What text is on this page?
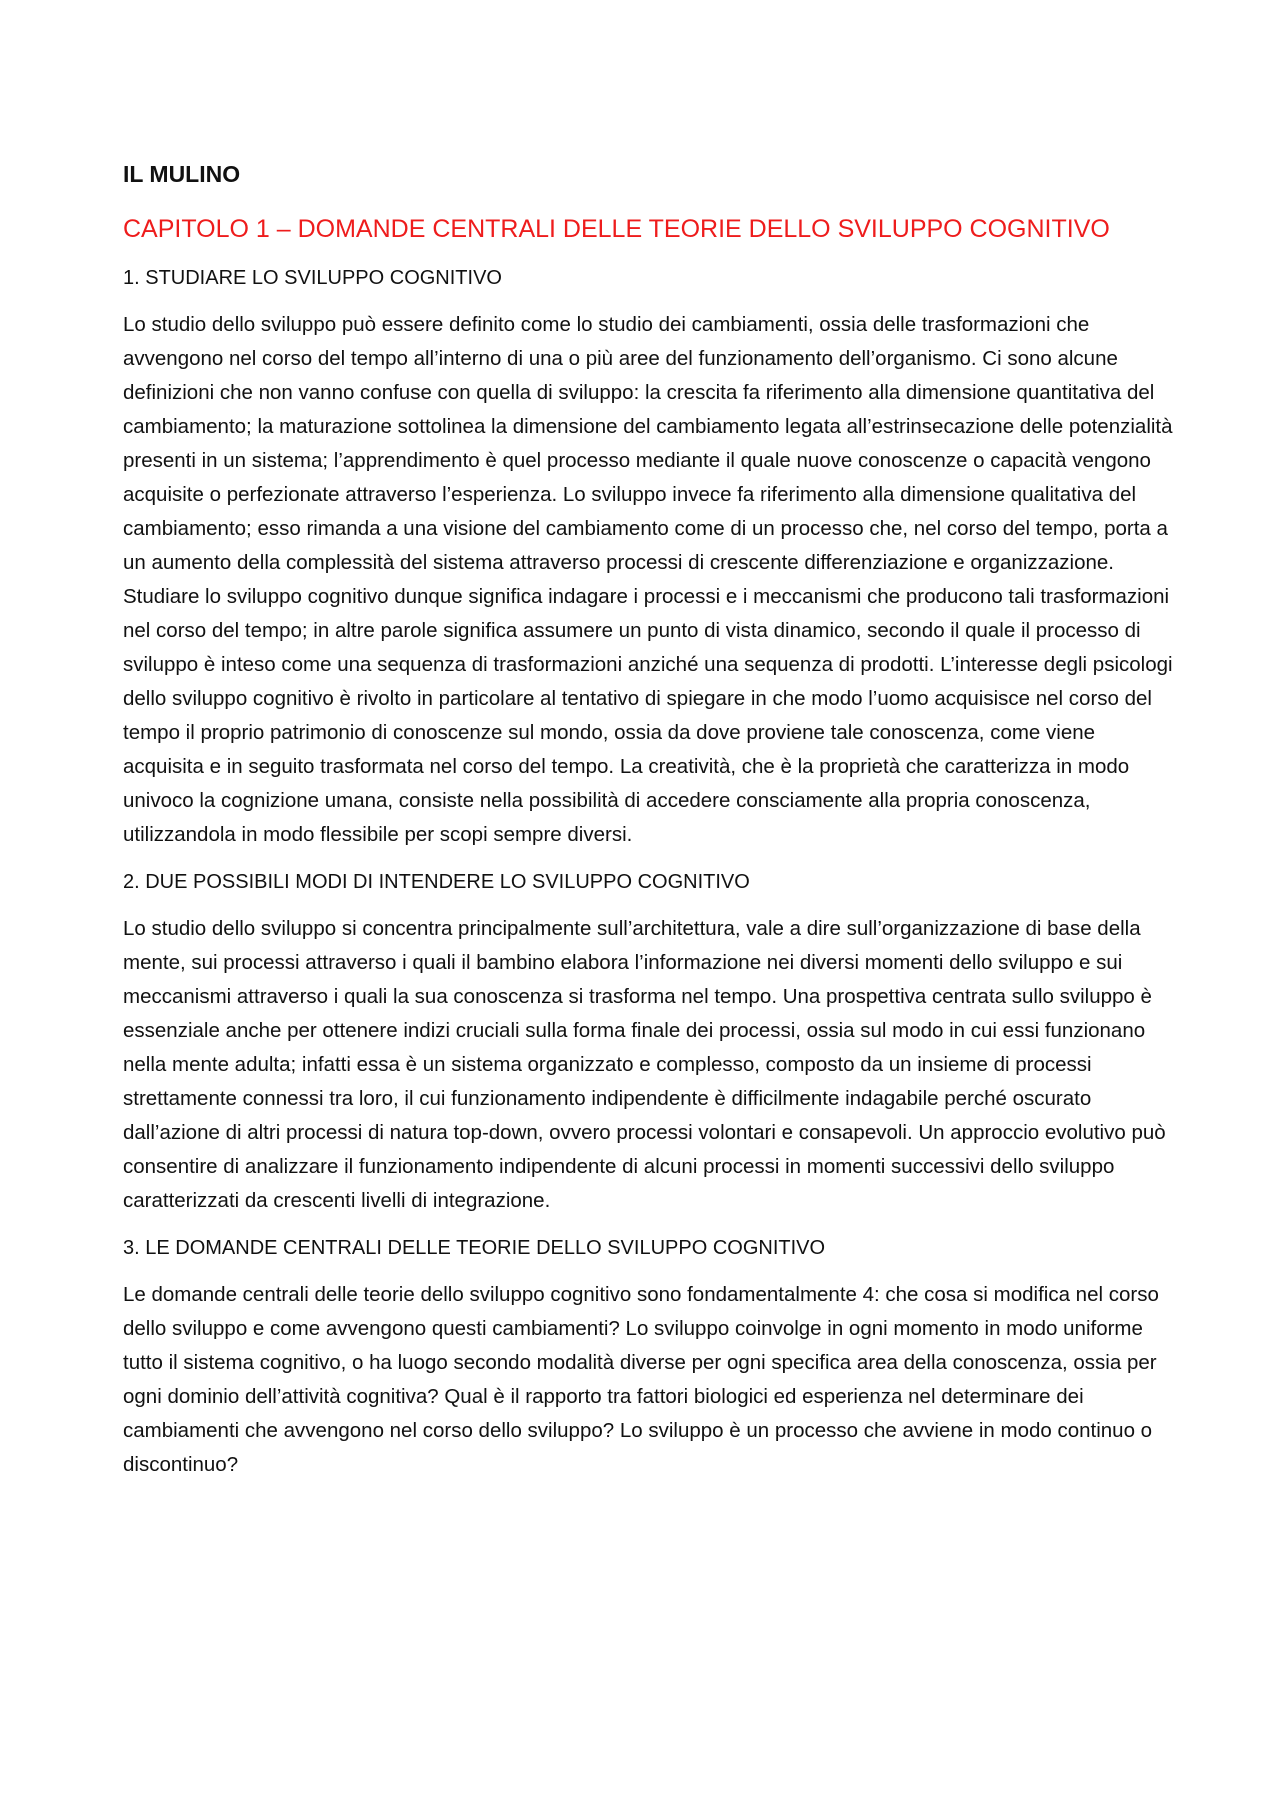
IL MULINO
CAPITOLO 1 – DOMANDE CENTRALI DELLE TEORIE DELLO SVILUPPO COGNITIVO
1. STUDIARE LO SVILUPPO COGNITIVO

Lo studio dello sviluppo può essere definito come lo studio dei cambiamenti, ossia delle trasformazioni che avvengono nel corso del tempo all’interno di una o più aree del funzionamento dell’organismo. Ci sono alcune definizioni che non vanno confuse con quella di sviluppo: la crescita fa riferimento alla dimensione quantitativa del cambiamento; la maturazione sottolinea la dimensione del cambiamento legata all’estrinsecazione delle potenzialità presenti in un sistema; l’apprendimento è quel processo mediante il quale nuove conoscenze o capacità vengono acquisite o perfezionate attraverso l’esperienza. Lo sviluppo invece fa riferimento alla dimensione qualitativa del cambiamento; esso rimanda a una visione del cambiamento come di un processo che, nel corso del tempo, porta a un aumento della complessità del sistema attraverso processi di crescente differenziazione e organizzazione. Studiare lo sviluppo cognitivo dunque significa indagare i processi e i meccanismi che producono tali trasformazioni nel corso del tempo; in altre parole significa assumere un punto di vista dinamico, secondo il quale il processo di sviluppo è inteso come una sequenza di trasformazioni anziché una sequenza di prodotti. L’interesse degli psicologi dello sviluppo cognitivo è rivolto in particolare al tentativo di spiegare in che modo l’uomo acquisisce nel corso del tempo il proprio patrimonio di conoscenze sul mondo, ossia da dove proviene tale conoscenza, come viene acquisita e in seguito trasformata nel corso del tempo. La creatività, che è la proprietà che caratterizza in modo univoco la cognizione umana, consiste nella possibilità di accedere consciamente alla propria conoscenza, utilizzandola in modo flessibile per scopi sempre diversi.

2. DUE POSSIBILI MODI DI INTENDERE LO SVILUPPO COGNITIVO

Lo studio dello sviluppo si concentra principalmente sull’architettura, vale a dire sull’organizzazione di base della mente, sui processi attraverso i quali il bambino elabora l’informazione nei diversi momenti dello sviluppo e sui meccanismi attraverso i quali la sua conoscenza si trasforma nel tempo. Una prospettiva centrata sullo sviluppo è essenziale anche per ottenere indizi cruciali sulla forma finale dei processi, ossia sul modo in cui essi funzionano nella mente adulta; infatti essa è un sistema organizzato e complesso, composto da un insieme di processi strettamente connessi tra loro, il cui funzionamento indipendente è difficilmente indagabile perché oscurato dall’azione di altri processi di natura top-down, ovvero processi volontari e consapevoli. Un approccio evolutivo può consentire di analizzare il funzionamento indipendente di alcuni processi in momenti successivi dello sviluppo caratterizzati da crescenti livelli di integrazione.

3. LE DOMANDE CENTRALI DELLE TEORIE DELLO SVILUPPO COGNITIVO

Le domande centrali delle teorie dello sviluppo cognitivo sono fondamentalmente 4: che cosa si modifica nel corso dello sviluppo e come avvengono questi cambiamenti? Lo sviluppo coinvolge in ogni momento in modo uniforme tutto il sistema cognitivo, o ha luogo secondo modalità diverse per ogni specifica area della conoscenza, ossia per ogni dominio dell’attività cognitiva? Qual è il rapporto tra fattori biologici ed esperienza nel determinare dei cambiamenti che avvengono nel corso dello sviluppo? Lo sviluppo è un processo che avviene in modo continuo o discontinuo?
